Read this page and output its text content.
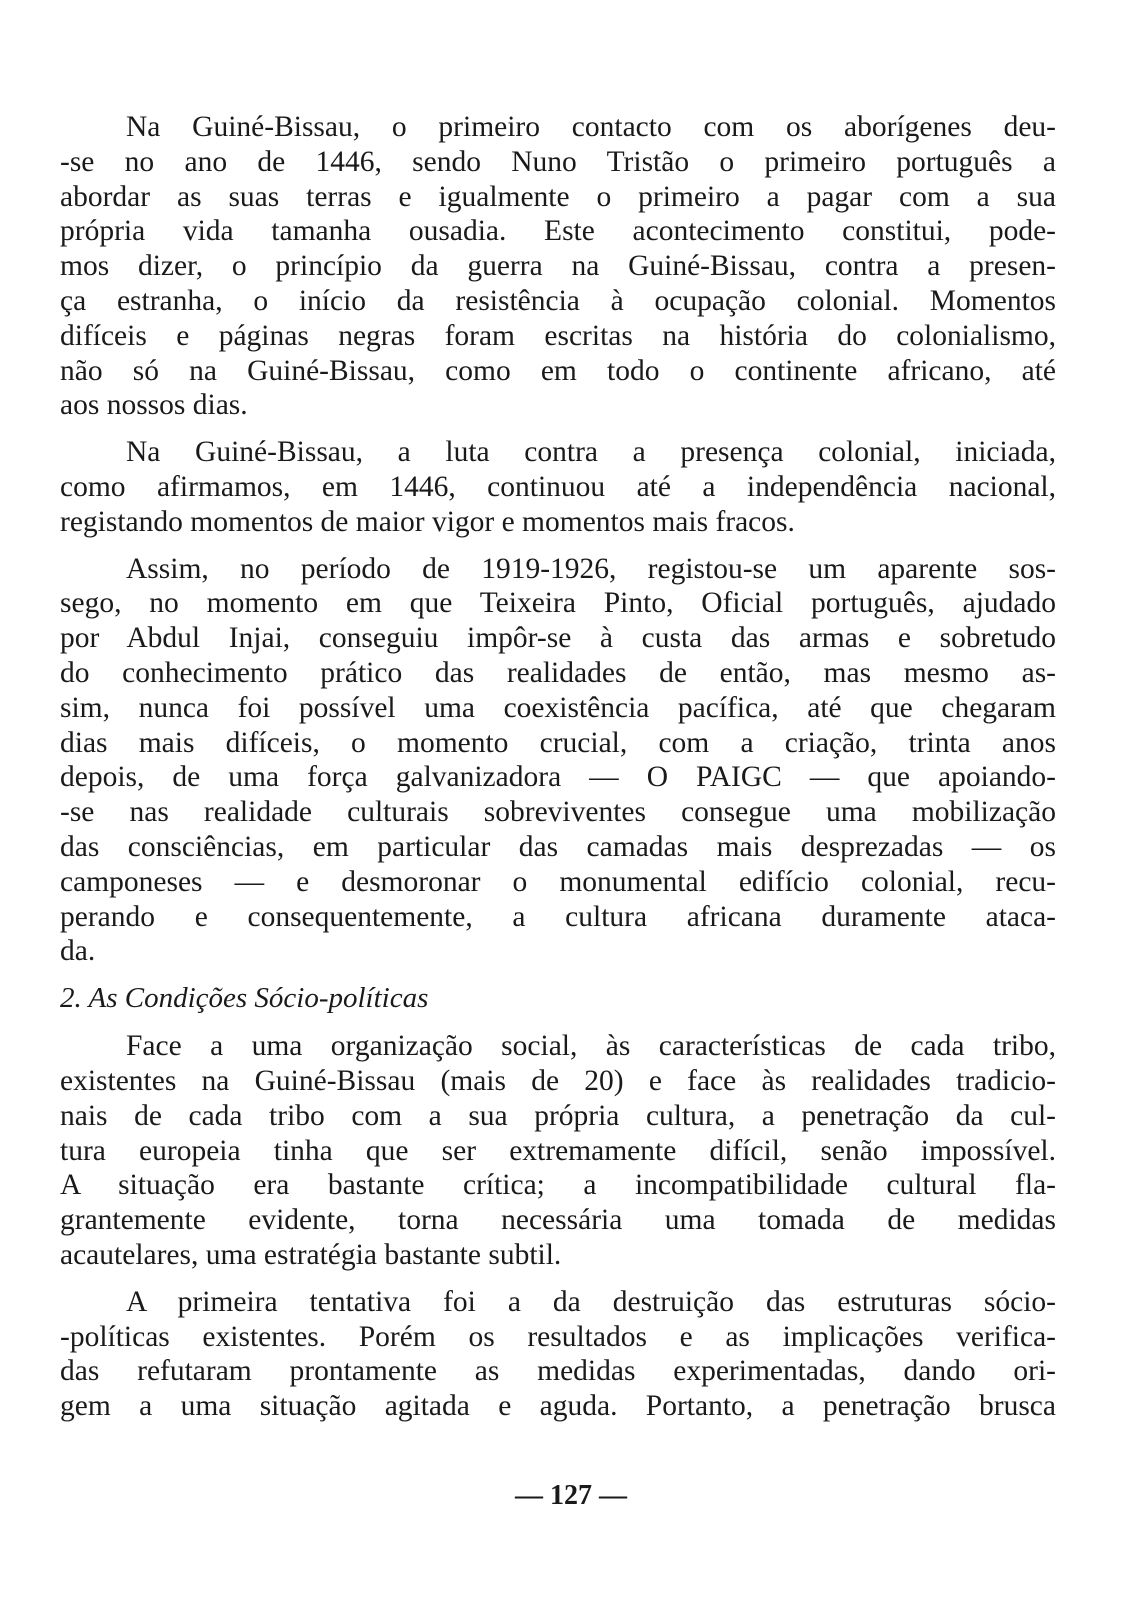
Na Guiné-Bissau, o primeiro contacto com os aborígenes deu-
-se no ano de 1446, sendo Nuno Tristão o primeiro português a
abordar as suas terras e igualmente o primeiro a pagar com a sua
própria vida tamanha ousadia. Este acontecimento constitui, pode-
mos dizer, o princípio da guerra na Guiné-Bissau, contra a presen-
ça estranha, o início da resistência à ocupação colonial. Momentos
difíceis e páginas negras foram escritas na história do colonialismo,
não só na Guiné-Bissau, como em todo o continente africano, até
aos nossos dias.
Na Guiné-Bissau, a luta contra a presença colonial, iniciada,
como afirmamos, em 1446, continuou até a independência nacional,
registando momentos de maior vigor e momentos mais fracos.
Assim, no período de 1919-1926, registou-se um aparente sos-
sego, no momento em que Teixeira Pinto, Oficial português, ajudado
por Abdul Injai, conseguiu impôr-se à custa das armas e sobretudo
do conhecimento prático das realidades de então, mas mesmo as-
sim, nunca foi possível uma coexistência pacífica, até que chegaram
dias mais difíceis, o momento crucial, com a criação, trinta anos
depois, de uma força galvanizadora — O PAIGC — que apoiando-
-se nas realidade culturais sobreviventes consegue uma mobilização
das consciências, em particular das camadas mais desprezadas — os
camponeses — e desmoronar o monumental edifício colonial, recu-
perando e consequentemente, a cultura africana duramente ataca-
da.
2. As Condições Sócio-políticas
Face a uma organização social, às características de cada tribo,
existentes na Guiné-Bissau (mais de 20) e face às realidades tradicio-
nais de cada tribo com a sua própria cultura, a penetração da cul-
tura europeia tinha que ser extremamente difícil, senão impossível.
A situação era bastante crítica; a incompatibilidade cultural fla-
grantemente evidente, torna necessária uma tomada de medidas
acautelares, uma estratégia bastante subtil.
A primeira tentativa foi a da destruição das estruturas sócio-
-políticas existentes. Porém os resultados e as implicações verifica-
das refutaram prontamente as medidas experimentadas, dando ori-
gem a uma situação agitada e aguda. Portanto, a penetração brusca
— 127 —
